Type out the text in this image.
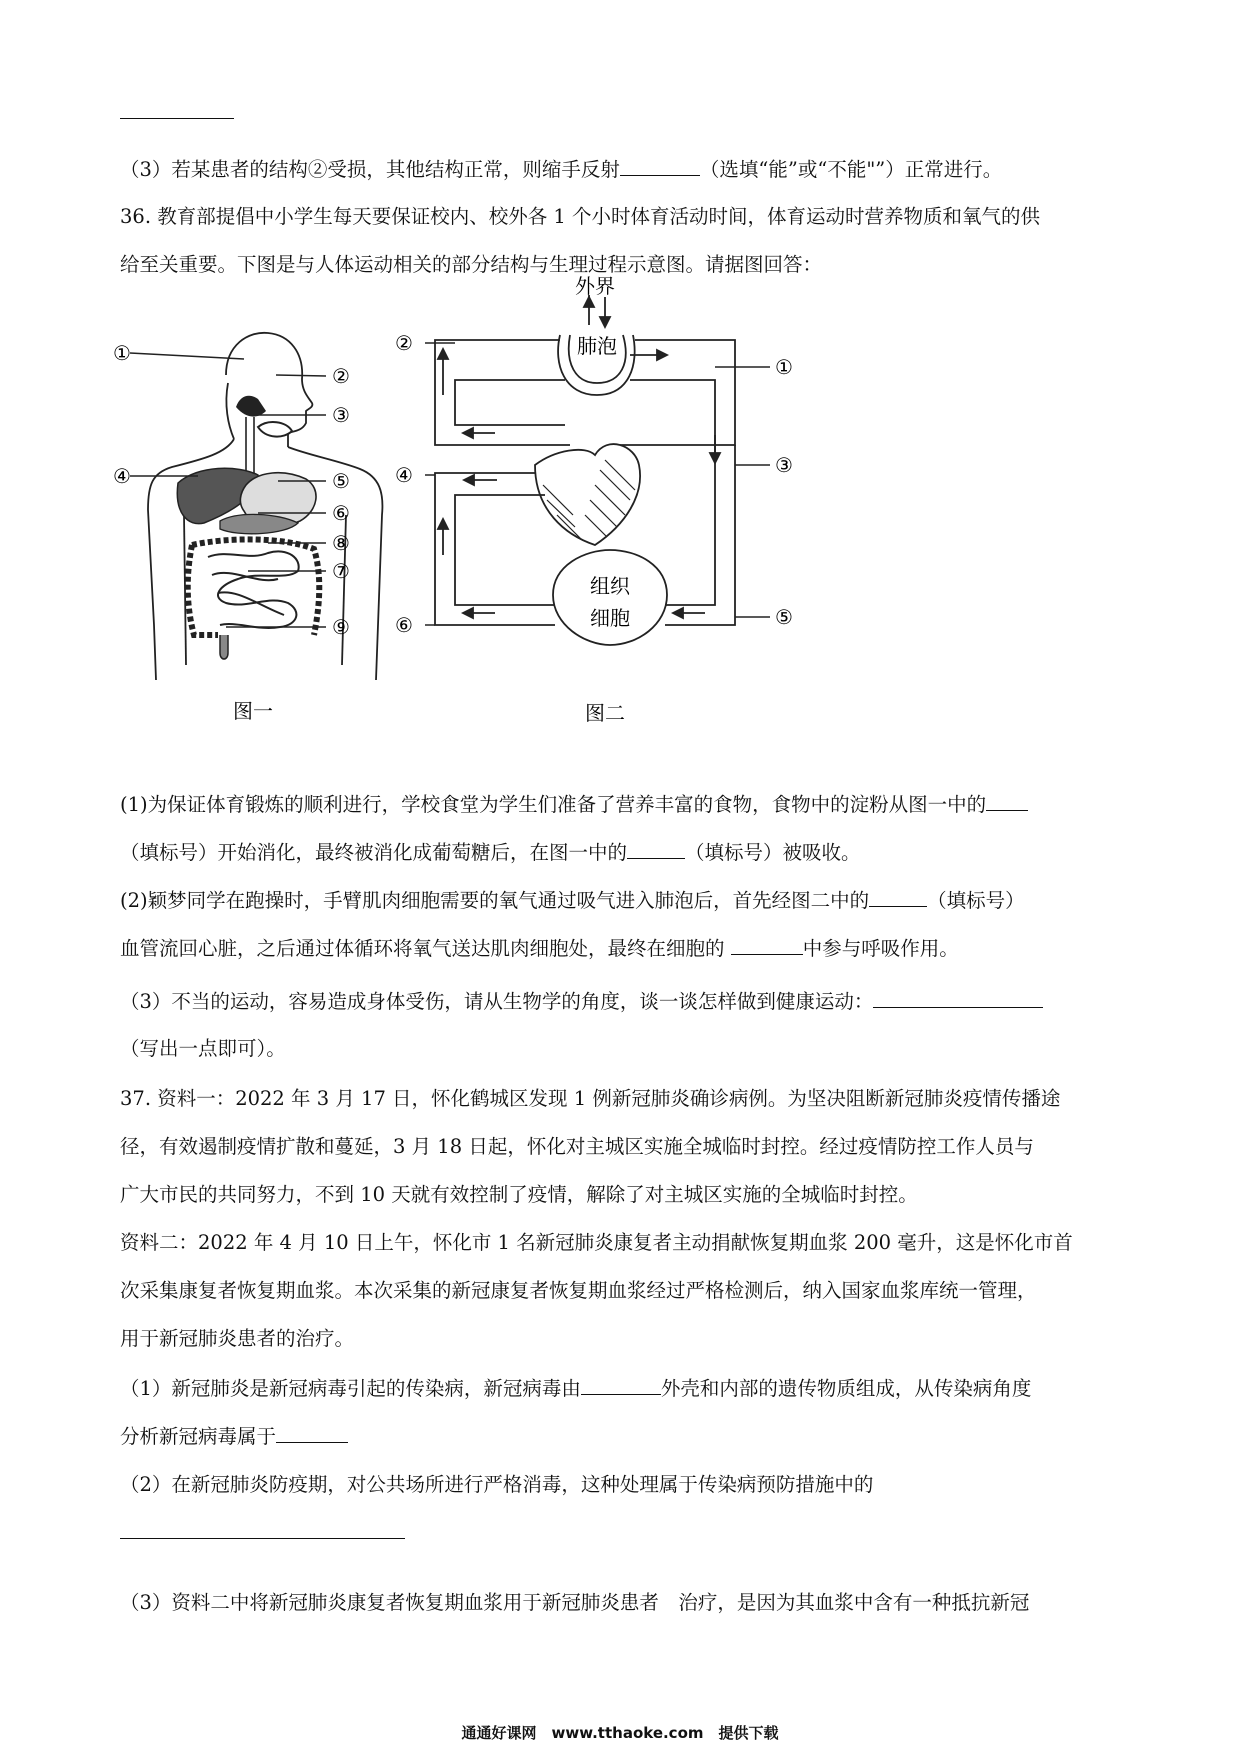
（3）若某患者的结构②受损，其他结构正常，则缩手反射	（选填“能”或“不能"”）正常进行。

36. 教育部提倡中小学生每天要保证校内、校外各 1 个小时体育活动时间，体育运动时营养物质和氧气的供

给至关重要。下图是与人体运动相关的部分结构与生理过程示意图。请据图回答：

①
②
③
④	⑤
⑥
⑧
⑦
⑨
图一
外界
肺泡
组织
细胞
②
①
④	③
⑥	⑤
图二

(1)为保证体育锻炼的顺利进行，学校食堂为学生们准备了营养丰富的食物，食物中的淀粉从图一中的

（填标号）开始消化，最终被消化成葡萄糖后，在图一中的	（填标号）被吸收。

(2)颖梦同学在跑操时，手臂肌肉细胞需要的氧气通过吸气进入肺泡后，首先经图二中的	（填标号）

血管流回心脏，之后通过体循环将氧气送达肌肉细胞处，最终在细胞的	中参与呼吸作用。

（3）不当的运动，容易造成身体受伤，请从生物学的角度，谈一谈怎样做到健康运动：

（写出一点即可）。

37. 资料一：2022 年 3 月 17 日，怀化鹤城区发现 1 例新冠肺炎确诊病例。为坚决阻断新冠肺炎疫情传播途

径，有效遏制疫情扩散和蔓延，3 月 18 日起，怀化对主城区实施全城临时封控。经过疫情防控工作人员与

广大市民的共同努力，不到 10 天就有效控制了疫情，解除了对主城区实施的全城临时封控。

资料二：2022 年 4 月 10 日上午，怀化市 1 名新冠肺炎康复者主动捐献恢复期血浆 200 毫升，这是怀化市首

次采集康复者恢复期血浆。本次采集的新冠康复者恢复期血浆经过严格检测后，纳入国家血浆库统一管理，

用于新冠肺炎患者的治疗。

（1）新冠肺炎是新冠病毒引起的传染病，新冠病毒由	外壳和内部的遗传物质组成，从传染病角度

分析新冠病毒属于

（2）在新冠肺炎防疫期，对公共场所进行严格消毒，这种处理属于传染病预防措施中的

（3）资料二中将新冠肺炎康复者恢复期血浆用于新冠肺炎患者　治疗，是因为其血浆中含有一种抵抗新冠

通通好课网　www.tthaoke.com　提供下载
